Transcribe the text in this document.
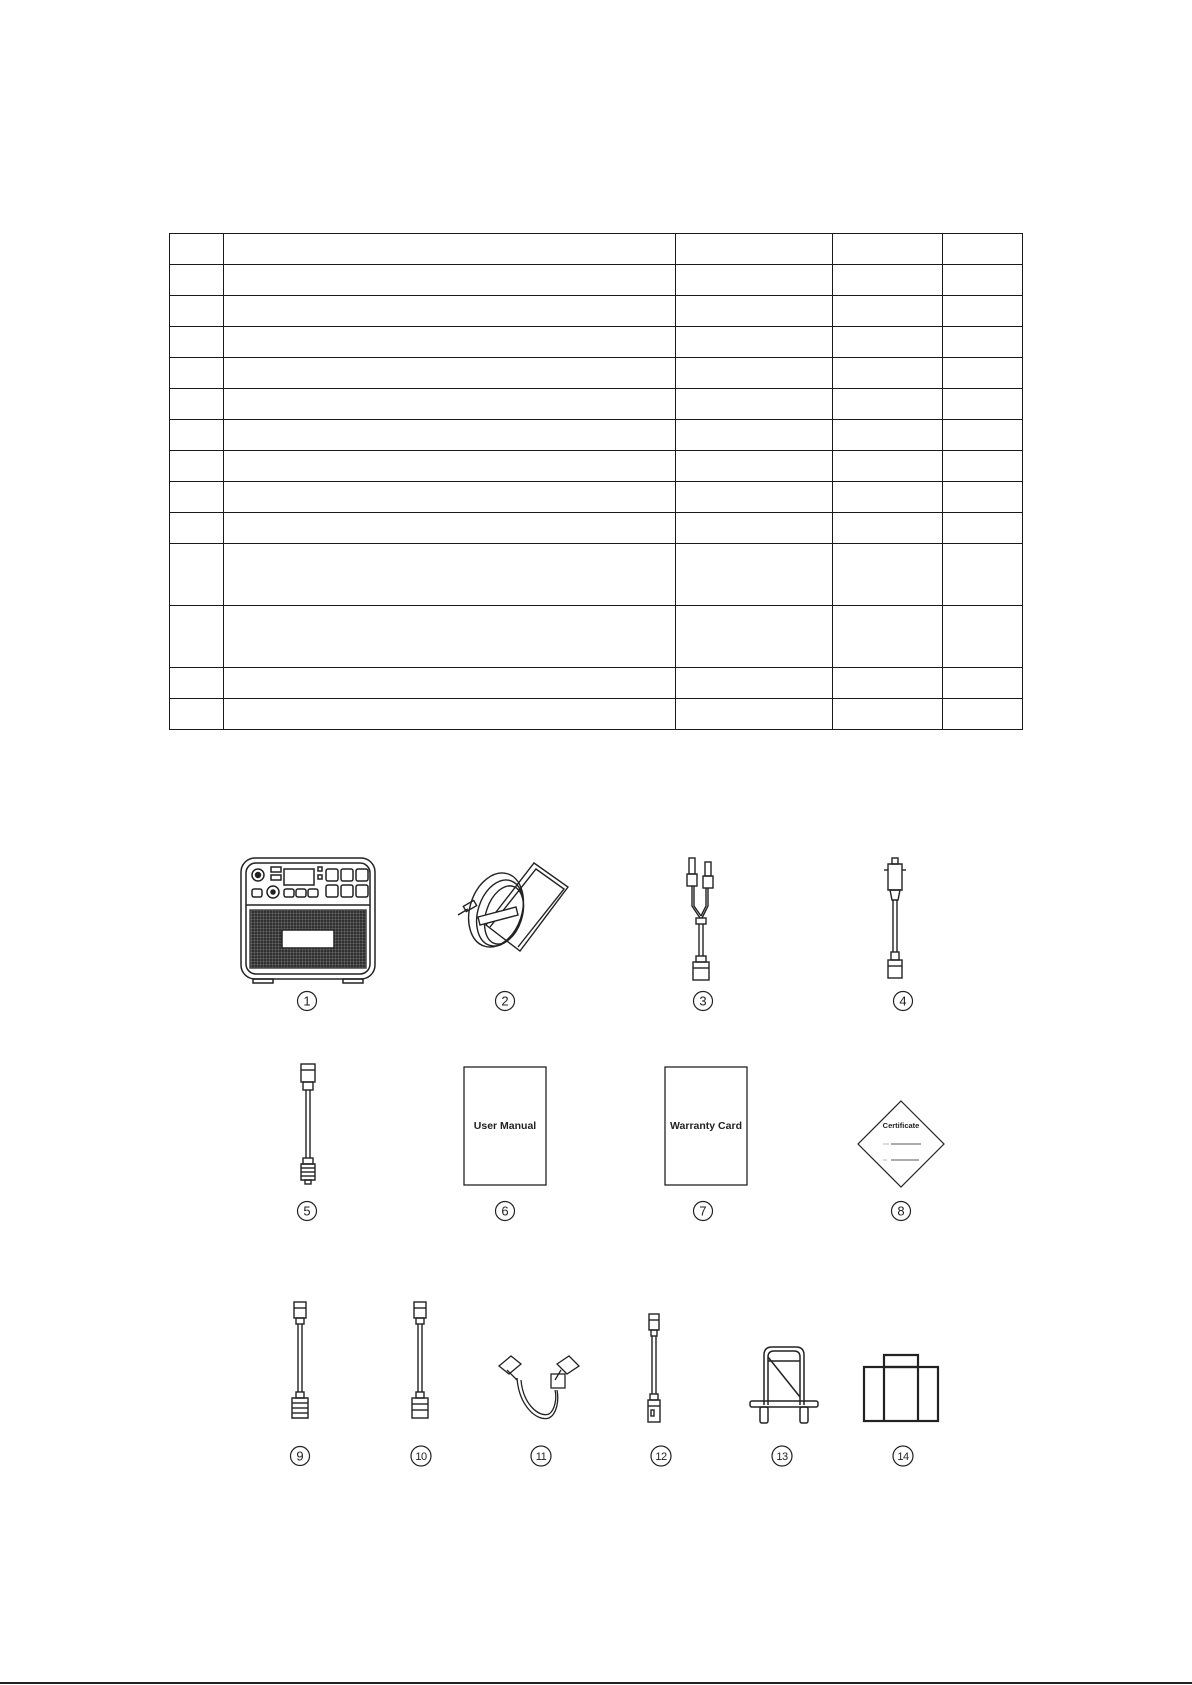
1	2	3	4
5
User Manual
6
Warranty Card
7
Certificate
8
9	10	11	12	13	14
